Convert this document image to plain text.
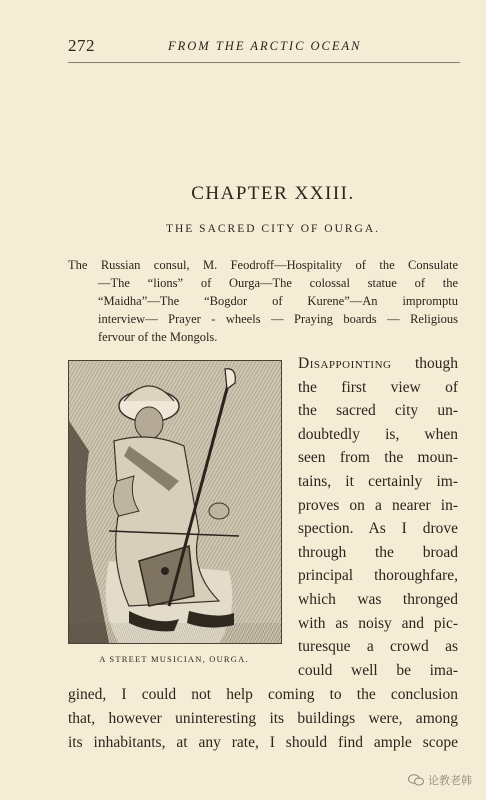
272	FROM THE ARCTIC OCEAN
CHAPTER XXIII.
THE SACRED CITY OF OURGA.
The Russian consul, M. Feodroff—Hospitality of the Consulate
—The “lions” of Ourga—The colossal statue of the
“Maidha”—The “Bogdor of Kurene”—An impromptu
interview— Prayer - wheels — Praying boards — Religious
fervour of the Mongols.
A STREET MUSICIAN, OURGA.
Disappointing though
the first view of
the sacred city un-
doubtedly is, when
seen from the moun-
tains, it certainly im-
proves on a nearer in-
spection. As I drove
through the broad
principal thoroughfare,
which was thronged
with as noisy and pic-
turesque a crowd as
could well be ima-
gined, I could not help coming to the conclusion
that, however uninteresting its buildings were, among
its inhabitants, at any rate, I should find ample scope
论教老韩
